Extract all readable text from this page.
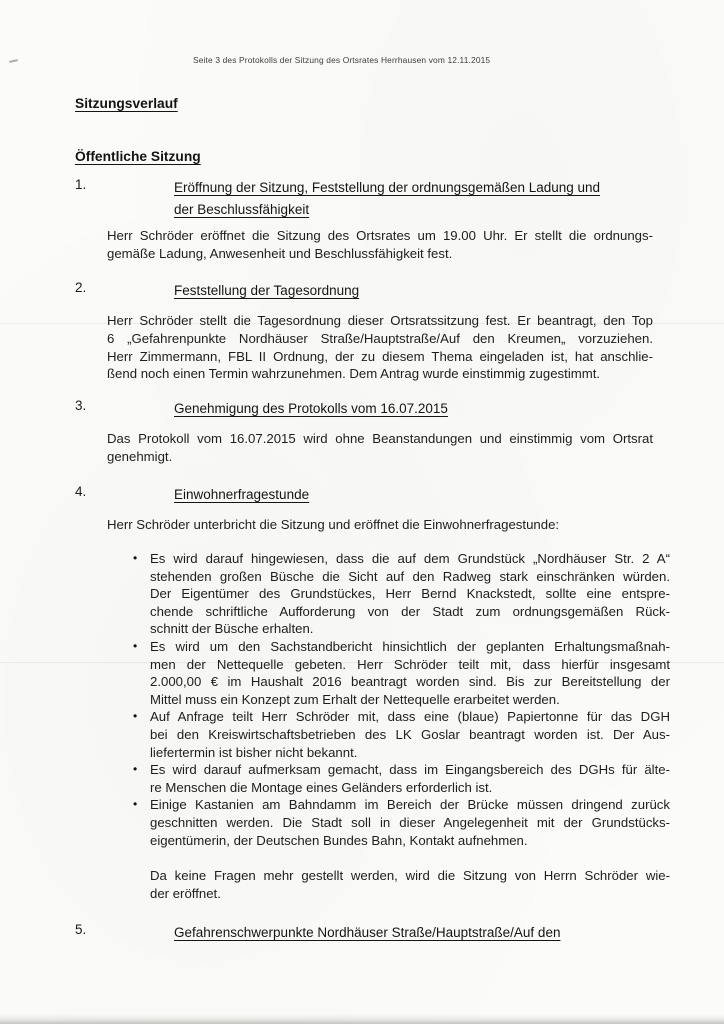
Seite 3 des Protokolls der Sitzung des Ortsrates Herrhausen vom 12.11.2015
Sitzungsverlauf
Öffentliche Sitzung
1.	Eröffnung der Sitzung, Feststellung der ordnungsgemäßen Ladung und
der Beschlussfähigkeit
Herr Schröder eröffnet die Sitzung des Ortsrates um 19.00 Uhr. Er stellt die ordnungs-
gemäße Ladung, Anwesenheit und Beschlussfähigkeit fest.
2.	Feststellung der Tagesordnung
Herr Schröder stellt die Tagesordnung dieser Ortsratssitzung fest. Er beantragt, den Top
6 „Gefahrenpunkte Nordhäuser Straße/Hauptstraße/Auf den Kreumen„ vorzuziehen.
Herr Zimmermann, FBL II Ordnung, der zu diesem Thema eingeladen ist, hat anschlie-
ßend noch einen Termin wahrzunehmen. Dem Antrag wurde einstimmig zugestimmt.
3.	Genehmigung des Protokolls vom 16.07.2015
Das Protokoll vom 16.07.2015 wird ohne Beanstandungen und einstimmig vom Ortsrat
genehmigt.
4.	Einwohnerfragestunde
Herr Schröder unterbricht die Sitzung und eröffnet die Einwohnerfragestunde:
• Es wird darauf hingewiesen, dass die auf dem Grundstück „Nordhäuser Str. 2 A“
stehenden großen Büsche die Sicht auf den Radweg stark einschränken würden.
Der Eigentümer des Grundstückes, Herr Bernd Knackstedt, sollte eine entspre-
chende schriftliche Aufforderung von der Stadt zum ordnungsgemäßen Rück-
schnitt der Büsche erhalten.
• Es wird um den Sachstandbericht hinsichtlich der geplanten Erhaltungsmaßnah-
men der Nettequelle gebeten. Herr Schröder teilt mit, dass hierfür insgesamt
2.000,00 € im Haushalt 2016 beantragt worden sind. Bis zur Bereitstellung der
Mittel muss ein Konzept zum Erhalt der Nettequelle erarbeitet werden.
• Auf Anfrage teilt Herr Schröder mit, dass eine (blaue) Papiertonne für das DGH
bei den Kreiswirtschaftsbetrieben des LK Goslar beantragt worden ist. Der Aus-
liefertermin ist bisher nicht bekannt.
• Es wird darauf aufmerksam gemacht, dass im Eingangsbereich des DGHs für älte-
re Menschen die Montage eines Geländers erforderlich ist.
• Einige Kastanien am Bahndamm im Bereich der Brücke müssen dringend zurück
geschnitten werden. Die Stadt soll in dieser Angelegenheit mit der Grundstücks-
eigentümerin, der Deutschen Bundes Bahn, Kontakt aufnehmen.
Da keine Fragen mehr gestellt werden, wird die Sitzung von Herrn Schröder wie-
der eröffnet.
5.	Gefahrenschwerpunkte Nordhäuser Straße/Hauptstraße/Auf den
